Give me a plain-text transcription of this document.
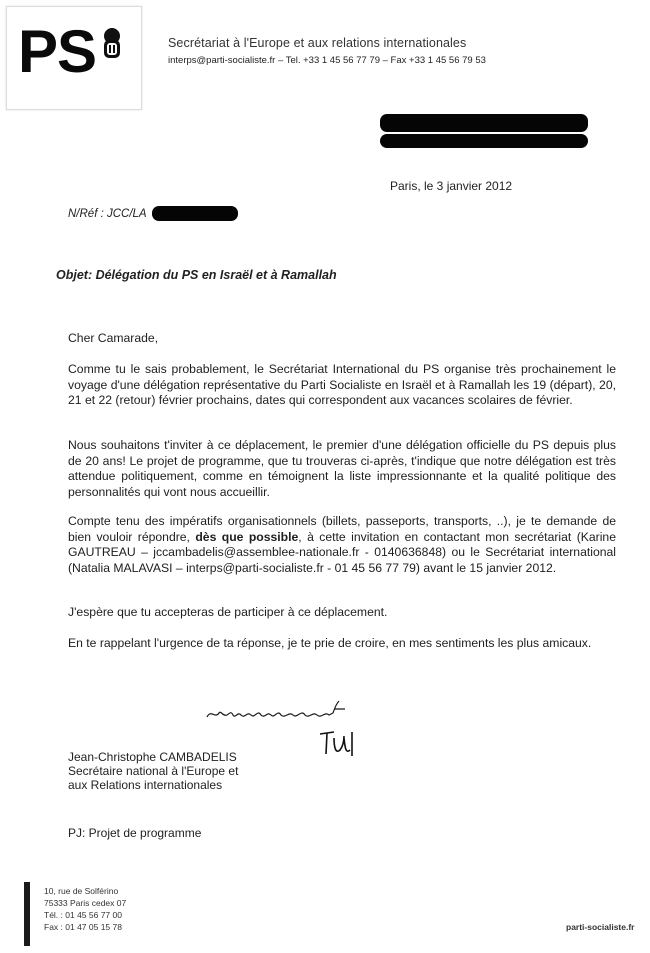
PS	Secrétariat à l'Europe et aux relations internationales
interps@parti-socialiste.fr – Tel. +33 1 45 56 77 79 – Fax +33 1 45 56 79 53
Paris, le 3 janvier 2012
N/Réf : JCC/LA
Objet: Délégation du PS en Israël et à Ramallah
Cher Camarade,
Comme tu le sais probablement, le Secrétariat International du PS organise très prochainement le voyage d'une délégation représentative du Parti Socialiste en Israël et à Ramallah les 19 (départ), 20, 21 et 22 (retour) février prochains, dates qui correspondent aux vacances scolaires de février.
Nous souhaitons t'inviter à ce déplacement, le premier d'une délégation officielle du PS depuis plus de 20 ans! Le projet de programme, que tu trouveras ci-après, t'indique que notre délégation est très attendue politiquement, comme en témoignent la liste impressionnante et la qualité politique des personnalités qui vont nous accueillir.
Compte tenu des impératifs organisationnels (billets, passeports, transports, ..), je te demande de bien vouloir répondre, dès que possible, à cette invitation en contactant mon secrétariat (Karine GAUTREAU – jccambadelis@assemblee-nationale.fr - 0140636848) ou le Secrétariat international (Natalia MALAVASI – interps@parti-socialiste.fr - 01 45 56 77 79) avant le 15 janvier 2012.
J'espère que tu accepteras de participer à ce déplacement.
En te rappelant l'urgence de ta réponse, je te prie de croire, en mes sentiments les plus amicaux.
Jean-Christophe CAMBADELIS
Secrétaire national à l'Europe et
aux Relations internationales
PJ: Projet de programme
10, rue de Solférino
75333 Paris cedex 07
Tél. : 01 45 56 77 00
Fax : 01 47 05 15 78	parti-socialiste.fr
